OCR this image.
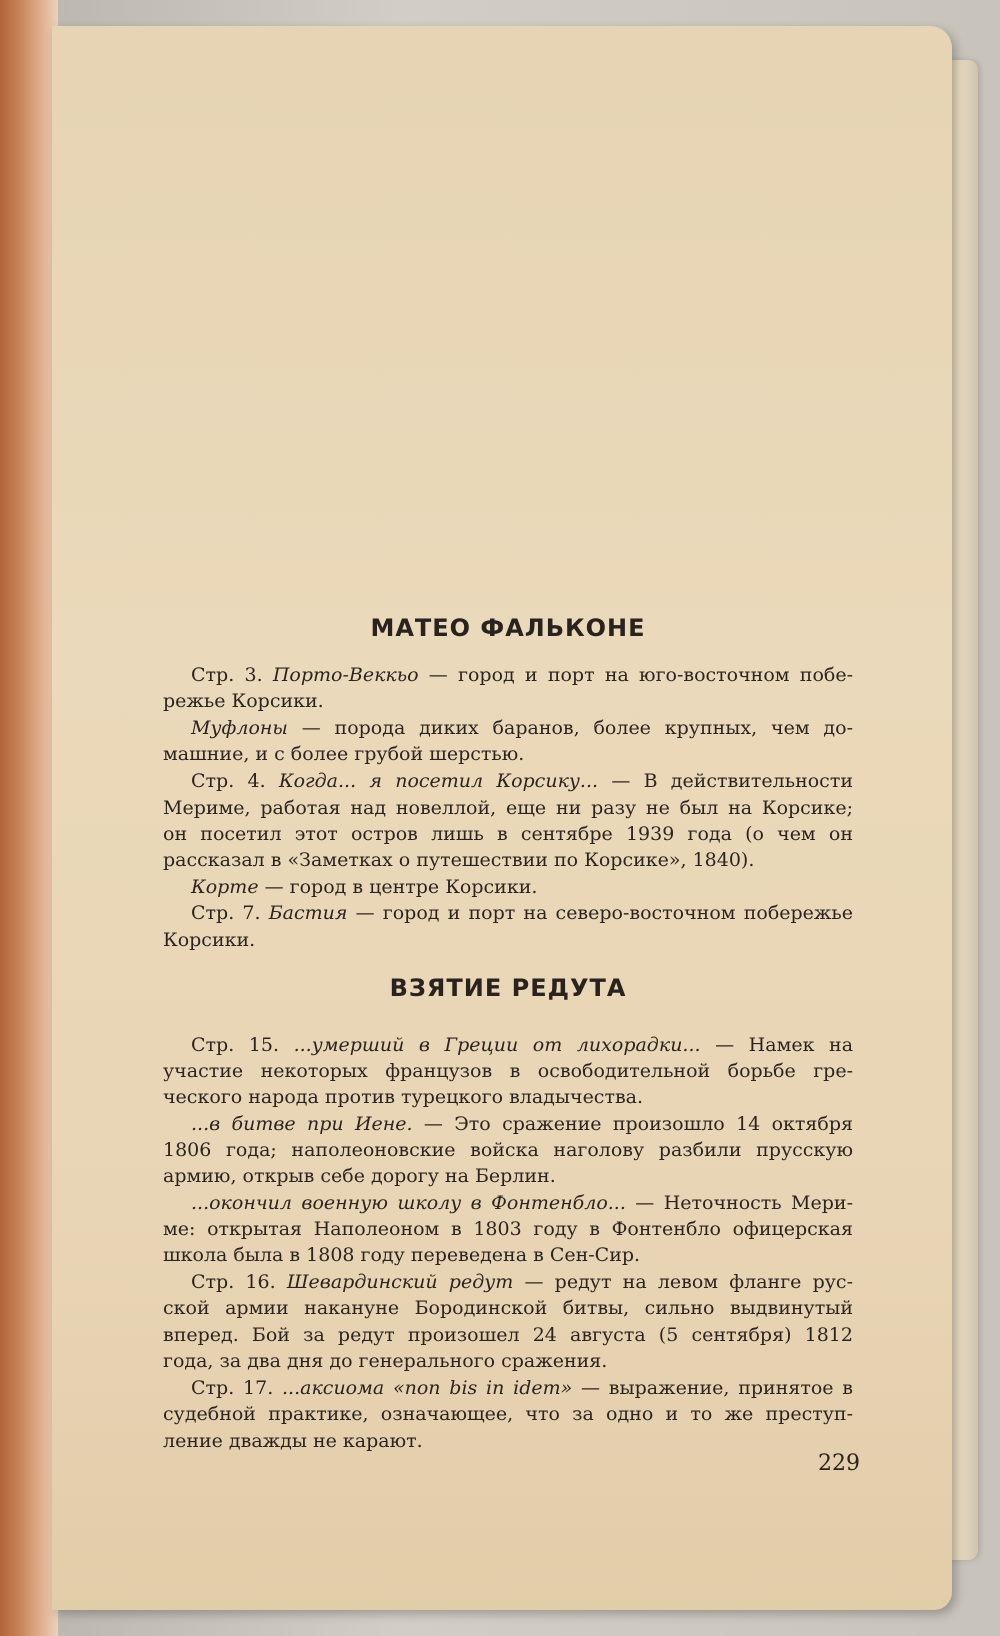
МАТЕО ФАЛЬКОНЕ

Стр. 3. Порто-Веккьо — город и порт на юго-восточном побе-

режье Корсики.

Муфлоны — порода диких баранов, более крупных, чем до-

машние, и с более грубой шерстью.

Стр. 4. Когда... я посетил Корсику... — В действительности

Мериме, работая над новеллой, еще ни разу не был на Корсике;

он посетил этот остров лишь в сентябре 1939 года (о чем он

рассказал в «Заметках о путешествии по Корсике», 1840).

Корте — город в центре Корсики.

Стр. 7. Бастия — город и порт на северо-восточном побережье

Корсики.

ВЗЯТИЕ РЕДУТА

Стр. 15. ...умерший в Греции от лихорадки... — Намек на

участие некоторых французов в освободительной борьбе гре-

ческого народа против турецкого владычества.

...в битве при Иене. — Это сражение произошло 14 октября

1806 года; наполеоновские войска наголову разбили прусскую

армию, открыв себе дорогу на Берлин.

...окончил военную школу в Фонтенбло... — Неточность Мери-

ме: открытая Наполеоном в 1803 году в Фонтенбло офицерская

школа была в 1808 году переведена в Сен-Сир.

Стр. 16. Шевардинский редут — редут на левом фланге рус-

ской армии накануне Бородинской битвы, сильно выдвинутый

вперед. Бой за редут произошел 24 августа (5 сентября) 1812

года, за два дня до генерального сражения.

Стр. 17. ...аксиома «non bis in idem» — выражение, принятое в

судебной практике, означающее, что за одно и то же преступ-

ление дважды не карают.

229
